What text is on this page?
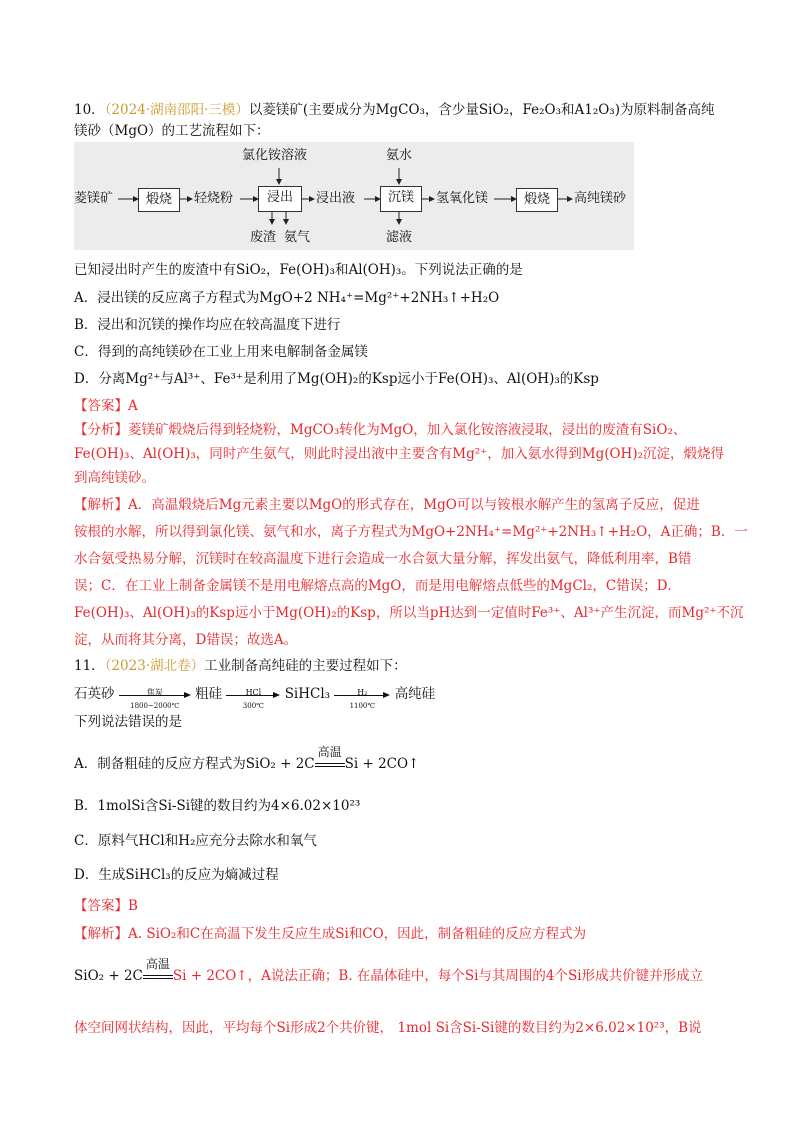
10．（2024·湖南邵阳·三模）以菱镁矿(主要成分为MgCO₃，含少量SiO₂，Fe₂O₃和A1₂O₃)为原料制备高纯
镁砂（MgO）的工艺流程如下：
菱镁矿	煅烧	轻烧粉	浸出	浸出液	沉镁	氢氧化镁	煅烧	高纯镁砂
氯化铵溶液	氨水
废渣 氨气	滤液
已知浸出时产生的废渣中有SiO₂，Fe(OH)₃和Al(OH)₃。下列说法正确的是
A．浸出镁的反应离子方程式为MgO+2 NH₄⁺=Mg²⁺+2NH₃↑+H₂O
B．浸出和沉镁的操作均应在较高温度下进行
C．得到的高纯镁砂在工业上用来电解制备金属镁
D．分离Mg²⁺与Al³⁺、Fe³⁺是利用了Mg(OH)₂的Ksp远小于Fe(OH)₃、Al(OH)₃的Ksp
【答案】A
【分析】菱镁矿煅烧后得到轻烧粉，MgCO₃转化为MgO，加入氯化铵溶液浸取，浸出的废渣有SiO₂、
Fe(OH)₃、Al(OH)₃，同时产生氨气，则此时浸出液中主要含有Mg²⁺，加入氨水得到Mg(OH)₂沉淀，煅烧得
到高纯镁砂。
【解析】A．高温煅烧后Mg元素主要以MgO的形式存在，MgO可以与铵根水解产生的氢离子反应，促进
铵根的水解，所以得到氯化镁、氨气和水，离子方程式为MgO+2NH₄⁺=Mg²⁺+2NH₃↑+H₂O，A正确；B．一
水合氨受热易分解，沉镁时在较高温度下进行会造成一水合氨大量分解，挥发出氨气，降低利用率，B错
误；C．在工业上制备金属镁不是用电解熔点高的MgO，而是用电解熔点低些的MgCl₂，C错误；D．
Fe(OH)₃、Al(OH)₃的Ksp远小于Mg(OH)₂的Ksp，所以当pH达到一定值时Fe³⁺、Al³⁺产生沉淀，而Mg²⁺不沉
淀，从而将其分离，D错误；故选A。
11．（2023·湖北卷）工业制备高纯硅的主要过程如下：
石英砂	焦炭
1800~2000℃
粗硅	HCl
300℃
SiHCl₃	H₂
1100℃
高纯硅
下列说法错误的是
A．制备粗硅的反应方程式为SiO₂ + 2C
高温
Si + 2CO↑
B．1molSi含Si-Si键的数目约为4×6.02×10²³
C．原料气HCl和H₂应充分去除水和氧气
D．生成SiHCl₃的反应为熵减过程
【答案】B
【解析】A. SiO₂和C在高温下发生反应生成Si和CO，因此，制备粗硅的反应方程式为
SiO₂ + 2C
高温
Si + 2CO↑，A说法正确；B. 在晶体硅中，每个Si与其周围的4个Si形成共价键并形成立
体空间网状结构，因此，平均每个Si形成2个共价键， 1mol Si含Si-Si键的数目约为2×6.02×10²³，B说
